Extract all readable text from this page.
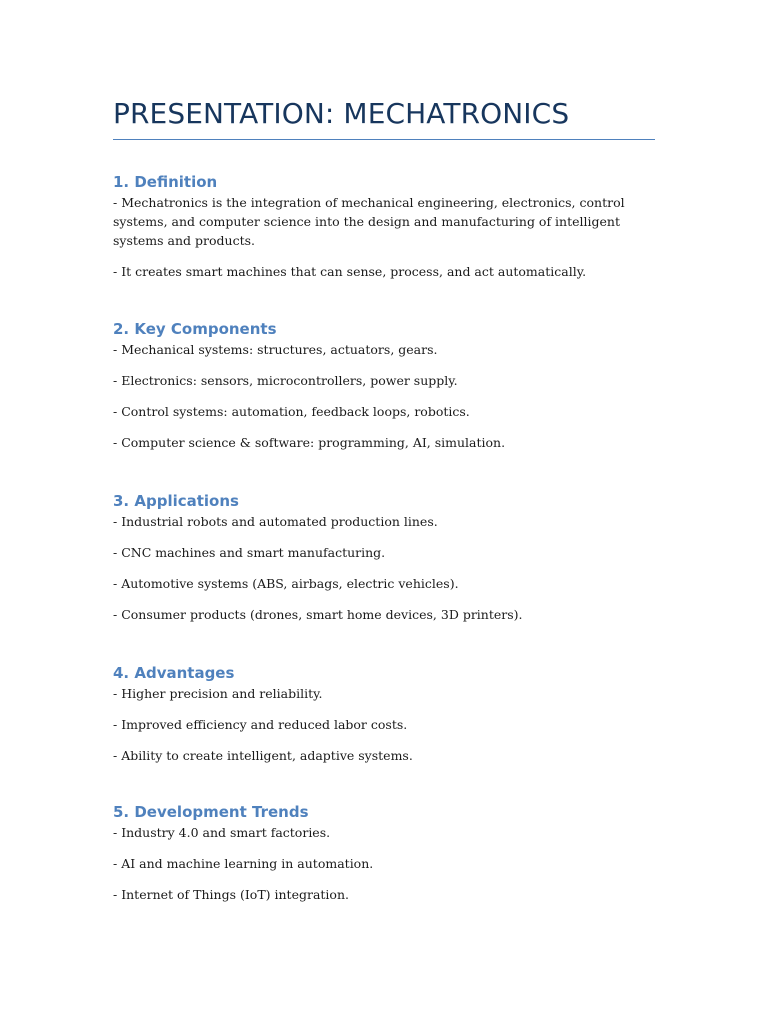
PRESENTATION: MECHATRONICS
1. Definition

- Mechatronics is the integration of mechanical engineering, electronics, control systems, and computer science into the design and manufacturing of intelligent systems and products.

- It creates smart machines that can sense, process, and act automatically.

2. Key Components

- Mechanical systems: structures, actuators, gears.

- Electronics: sensors, microcontrollers, power supply.

- Control systems: automation, feedback loops, robotics.

- Computer science & software: programming, AI, simulation.

3. Applications

- Industrial robots and automated production lines.

- CNC machines and smart manufacturing.

- Automotive systems (ABS, airbags, electric vehicles).

- Consumer products (drones, smart home devices, 3D printers).

4. Advantages

- Higher precision and reliability.

- Improved efficiency and reduced labor costs.

- Ability to create intelligent, adaptive systems.

5. Development Trends

- Industry 4.0 and smart factories.

- AI and machine learning in automation.

- Internet of Things (IoT) integration.
